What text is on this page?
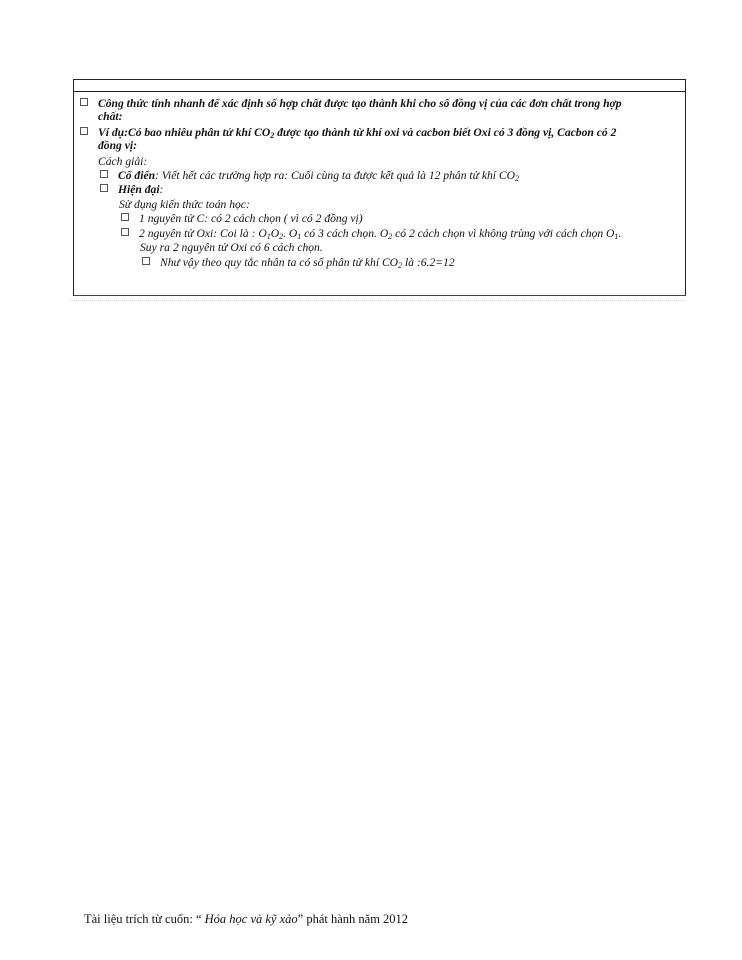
Công thức tính nhanh để xác định số hợp chất được tạo thành khi cho số đồng vị của các đơn chất trong hợp
chất:
Ví dụ:Có bao nhiêu phân tử khí $CO_2$ được tạo thành từ khí oxi và cacbon biết Oxi có 3 đồng vị, Cacbon có 2
đồng vị:
Cách giải:
Cổ điển: Viết hết các trường hợp ra: Cuối cùng ta được kết quả là 12 phân tử khí $CO_2$
Hiện đại:
Sử dụng kiến thức toán học:
1 nguyên tử C: có 2 cách chọn ( vì có 2 đồng vị)
2 nguyên tử Oxi: Coi là : $O_1O_2$. $O_1$ có 3 cách chọn. $O_2$ có 2 cách chọn vì không trùng với cách chọn $O_1$.
Suy ra 2 nguyên tử Oxi có 6 cách chọn.
Như vậy theo quy tắc nhân ta có số phân tử khí $CO_2$ là :6.2=12
Tài liệu trích từ cuốn: “ Hóa học và kỹ xảo” phát hành năm 2012
